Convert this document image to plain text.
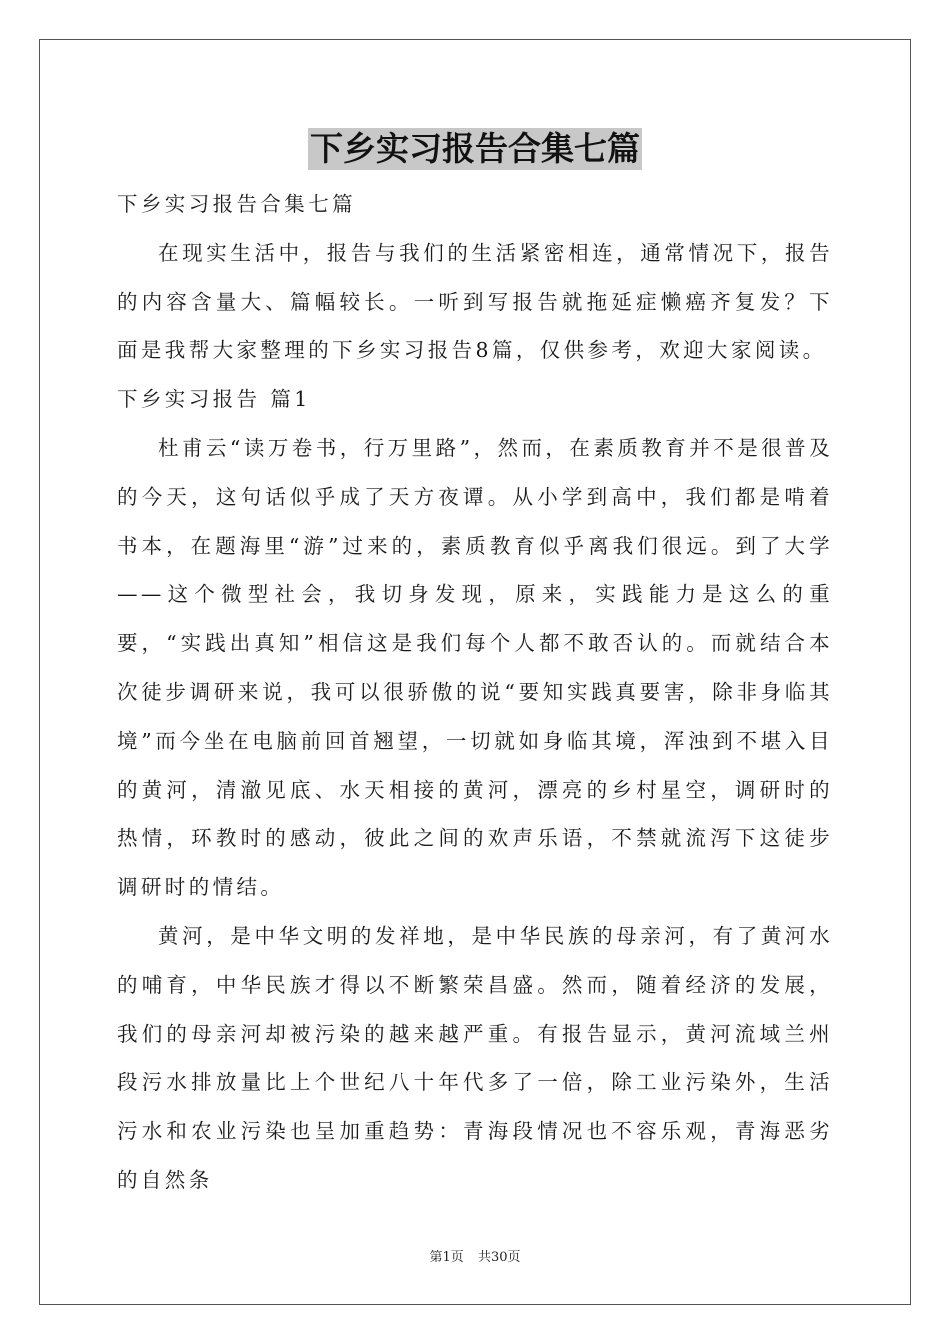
下乡实习报告合集七篇

下乡实习报告合集七篇

在现实生活中，报告与我们的生活紧密相连，通常情况下，报告的内容含量大、篇幅较长。一听到写报告就拖延症懒癌齐复发？下面是我帮大家整理的下乡实习报告8篇，仅供参考，欢迎大家阅读。

下乡实习报告 篇1

杜甫云“读万卷书，行万里路”，然而，在素质教育并不是很普及的今天，这句话似乎成了天方夜谭。从小学到高中，我们都是啃着书本，在题海里“游”过来的，素质教育似乎离我们很远。到了大学——这个微型社会，我切身发现，原来，实践能力是这么的重要，“实践出真知”相信这是我们每个人都不敢否认的。而就结合本次徒步调研来说，我可以很骄傲的说“要知实践真要害，除非身临其境”而今坐在电脑前回首翘望，一切就如身临其境，浑浊到不堪入目的黄河，清澈见底、水天相接的黄河，漂亮的乡村星空，调研时的热情，环教时的感动，彼此之间的欢声乐语，不禁就流泻下这徒步调研时的情结。

黄河，是中华文明的发祥地，是中华民族的母亲河，有了黄河水的哺育，中华民族才得以不断繁荣昌盛。然而，随着经济的发展，我们的母亲河却被污染的越来越严重。有报告显示，黄河流域兰州段污水排放量比上个世纪八十年代多了一倍，除工业污染外，生活污水和农业污染也呈加重趋势：青海段情况也不容乐观，青海恶劣的自然条

第1页 共30页
